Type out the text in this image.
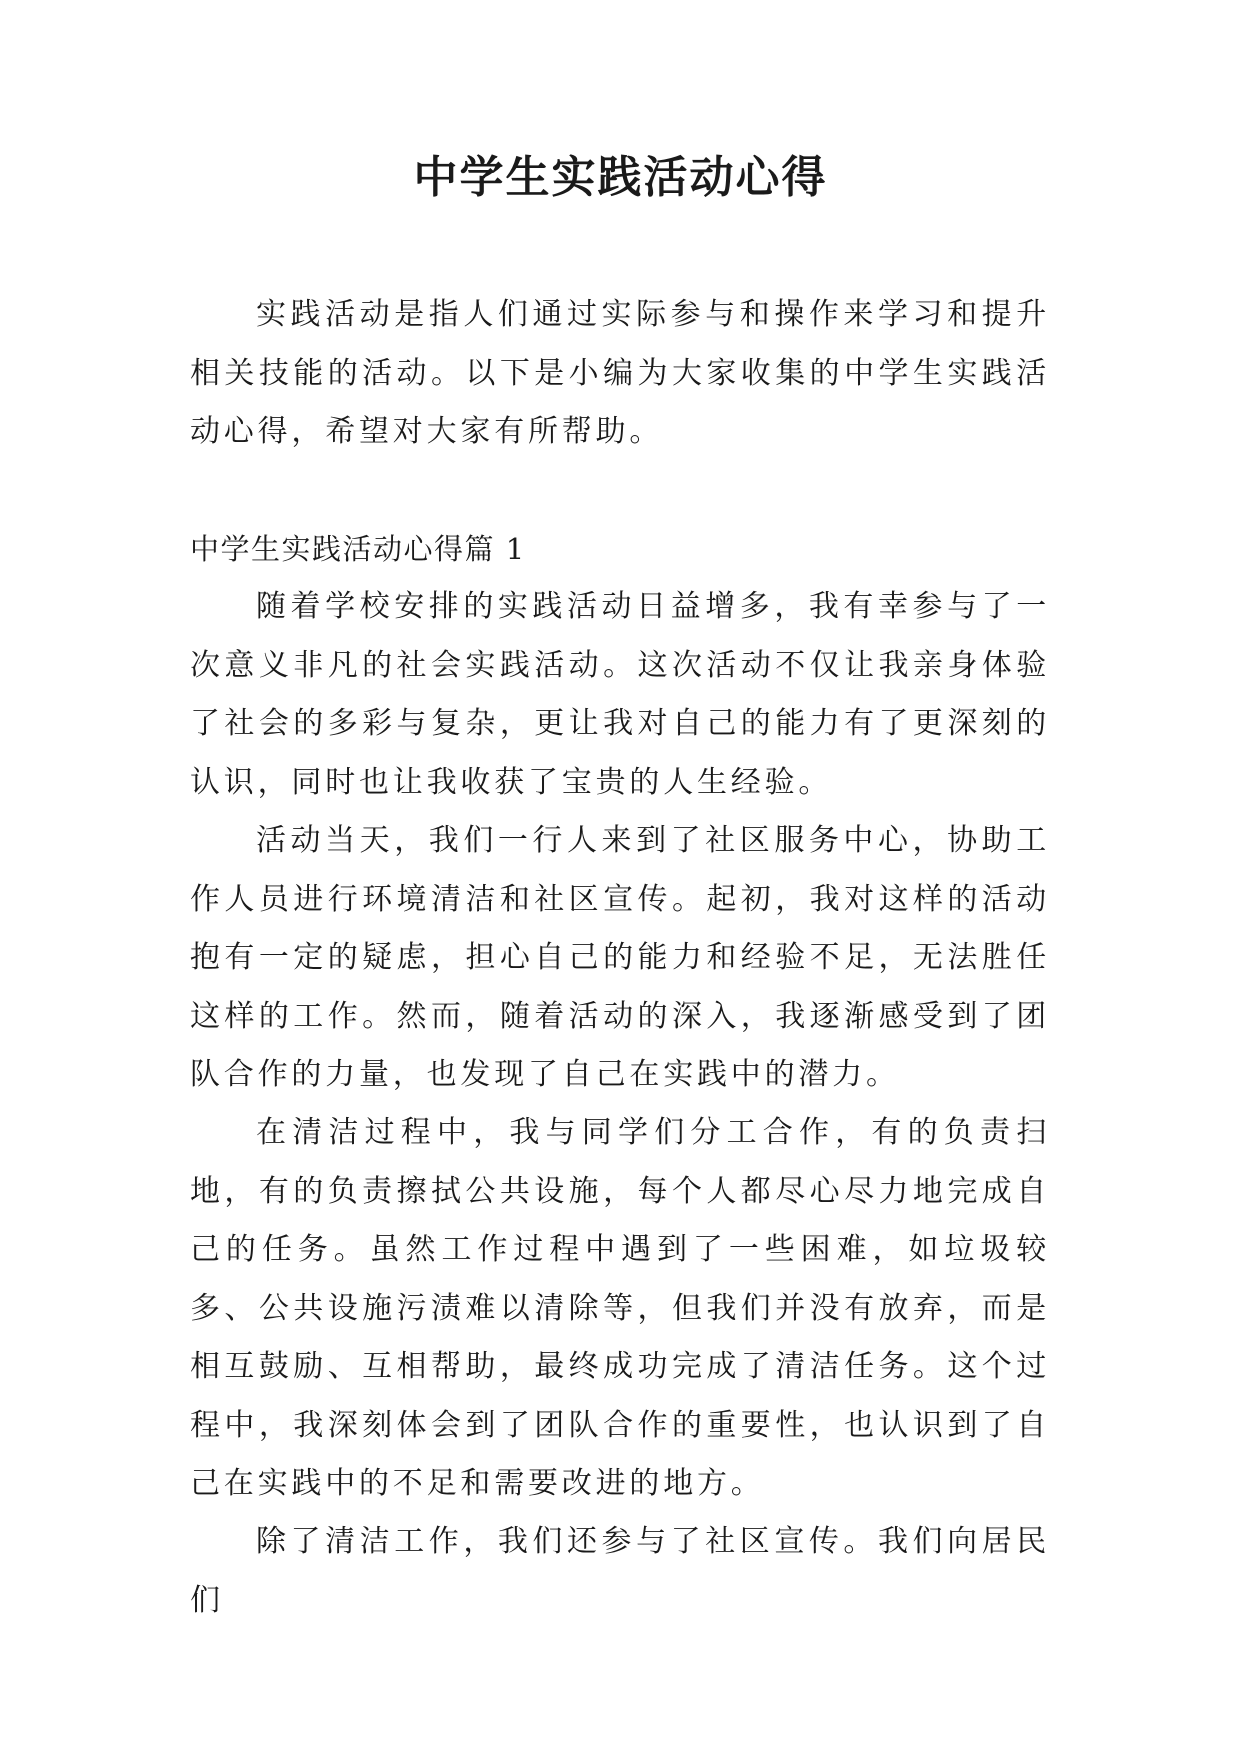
中学生实践活动心得

实践活动是指人们通过实际参与和操作来学习和提升相关技能的活动。以下是小编为大家收集的中学生实践活动心得，希望对大家有所帮助。

中学生实践活动心得篇 1

随着学校安排的实践活动日益增多，我有幸参与了一次意义非凡的社会实践活动。这次活动不仅让我亲身体验了社会的多彩与复杂，更让我对自己的能力有了更深刻的认识，同时也让我收获了宝贵的人生经验。

活动当天，我们一行人来到了社区服务中心，协助工作人员进行环境清洁和社区宣传。起初，我对这样的活动抱有一定的疑虑，担心自己的能力和经验不足，无法胜任这样的工作。然而，随着活动的深入，我逐渐感受到了团队合作的力量，也发现了自己在实践中的潜力。

在清洁过程中，我与同学们分工合作，有的负责扫地，有的负责擦拭公共设施，每个人都尽心尽力地完成自己的任务。虽然工作过程中遇到了一些困难，如垃圾较多、公共设施污渍难以清除等，但我们并没有放弃，而是相互鼓励、互相帮助，最终成功完成了清洁任务。这个过程中，我深刻体会到了团队合作的重要性，也认识到了自己在实践中的不足和需要改进的地方。

除了清洁工作，我们还参与了社区宣传。我们向居民们
